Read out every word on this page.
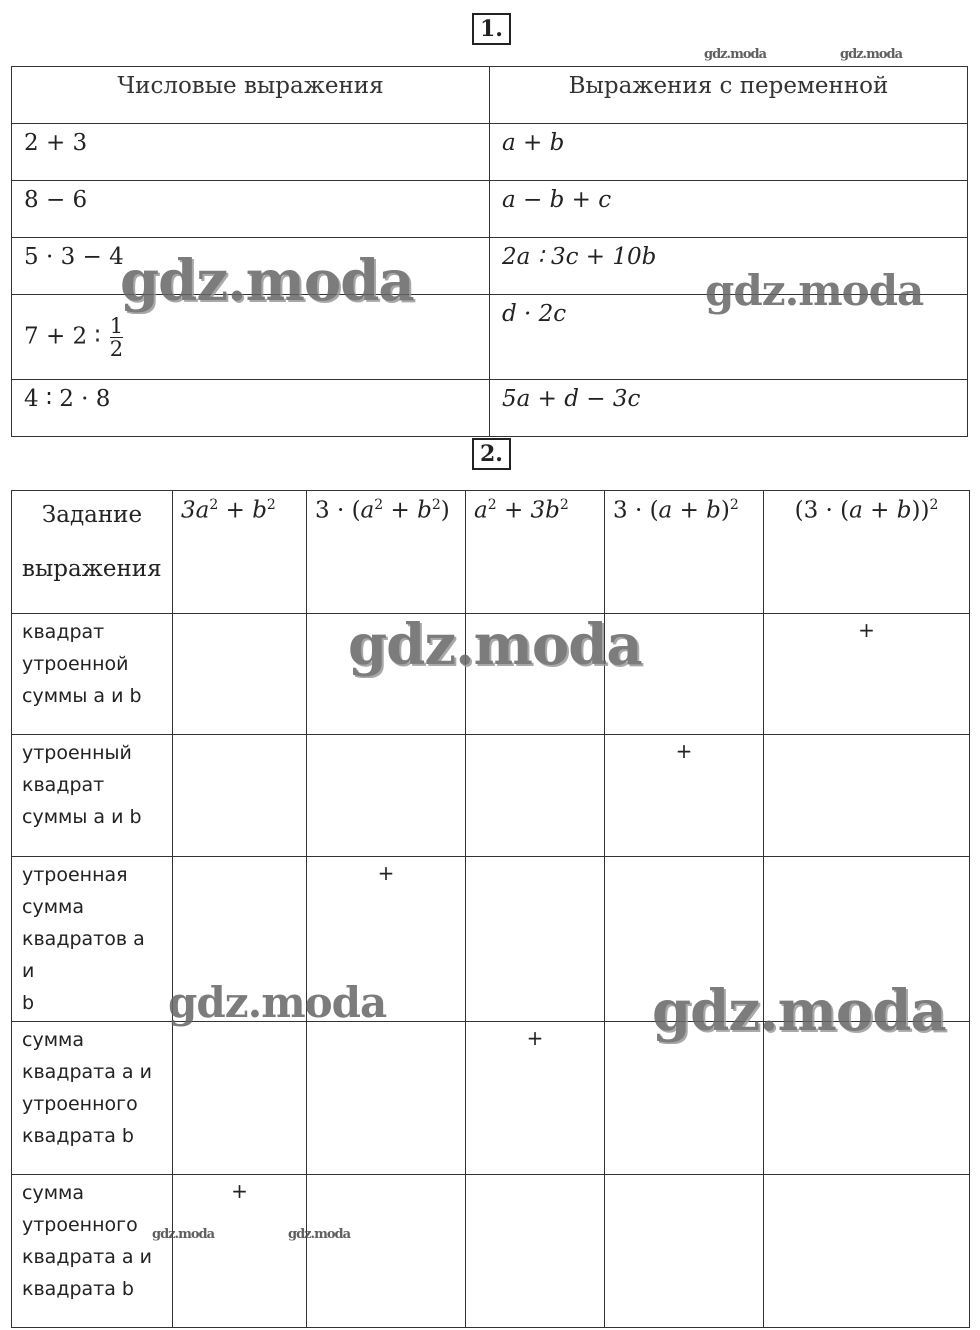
1.
Числовые выражения	Выражения с переменной
2 + 3	a + b
8 − 6	a − b + c
5 · 3 − 4	2a ∶ 3c + 10b
7 + 2 ∶ $\frac{1}{2}$	d · 2c
4 ∶ 2 · 8	5a + d − 3c
2.
Задание
выражения	$3a^2 + b^2$	$3 \cdot (a^2 + b^2)$	$a^2 + 3b^2$	$3 \cdot (a + b)^2$	$(3 \cdot (a + b))^2$

квадрат
утроенной
суммы a и b					+

утроенный
квадрат
суммы a и b				+	

утроенная
сумма
квадратов a и
b		+			

сумма
квадрата a и
утроенного
квадрата b			+		

сумма
утроенного
квадрата a и
квадрата b	+				
gdz.moda	gdz.moda
gdz.moda	gdz.moda
gdz.moda
gdz.moda	gdz.moda
gdz.moda	gdz.moda
